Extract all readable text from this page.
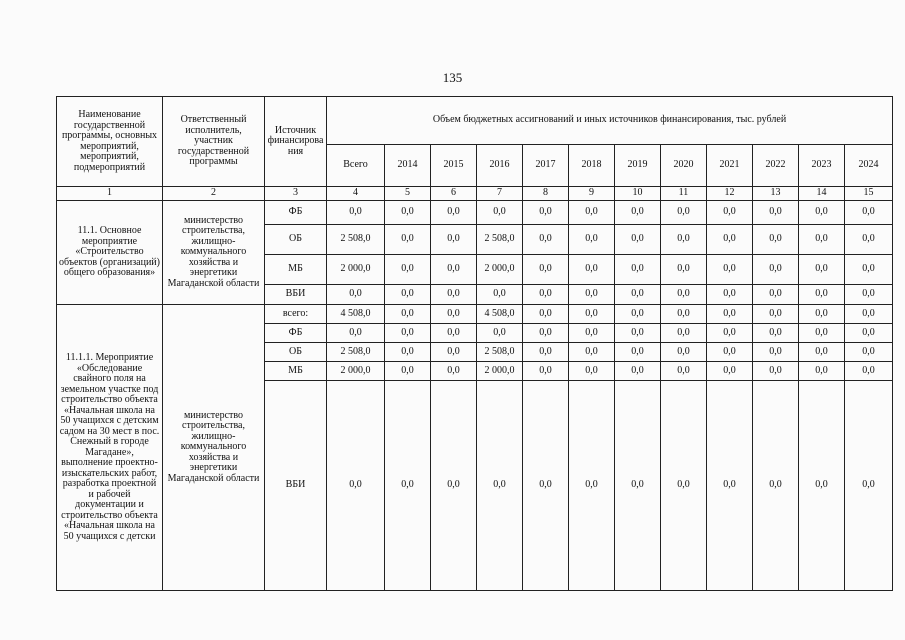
135
Наименование государственной программы, основных мероприятий, мероприятий, подмероприятий	Ответственный исполнитель, участник государственной программы	Источник финансирова ния	Объем бюджетных ассигнований и иных источников финансирования, тыс. рублей											
			Всего	2014	2015	2016	2017	2018	2019	2020	2021	2022	2023	2024
1	2	3	4	5	6	7	8	9	10	11	12	13	14	15
11.1. Основное мероприятие «Строительство объектов (организаций) общего образования»	министерство строительства, жилищно-коммунального хозяйства и энергетики Магаданской области	ФБ	0,0	0,0	0,0	0,0	0,0	0,0	0,0	0,0	0,0	0,0	0,0	0,0
		ОБ	2 508,0	0,0	0,0	2 508,0	0,0	0,0	0,0	0,0	0,0	0,0	0,0	0,0
		МБ	2 000,0	0,0	0,0	2 000,0	0,0	0,0	0,0	0,0	0,0	0,0	0,0	0,0
		ВБИ	0,0	0,0	0,0	0,0	0,0	0,0	0,0	0,0	0,0	0,0	0,0	0,0
11.1.1. Мероприятие «Обследование свайного поля на земельном участке под строительство объекта «Начальная школа на 50 учащихся с детским садом на 30 мест в пос. Снежный в городе Магадане», выполнение проектно-изыскательских работ, разработка проектной и рабочей документации и строительство объекта «Начальная школа на 50 учащихся с детски	министерство строительства, жилищно-коммунального хозяйства и энергетики Магаданской области	всего:	4 508,0	0,0	0,0	4 508,0	0,0	0,0	0,0	0,0	0,0	0,0	0,0	0,0
		ФБ	0,0	0,0	0,0	0,0	0,0	0,0	0,0	0,0	0,0	0,0	0,0	0,0
		ОБ	2 508,0	0,0	0,0	2 508,0	0,0	0,0	0,0	0,0	0,0	0,0	0,0	0,0
		МБ	2 000,0	0,0	0,0	2 000,0	0,0	0,0	0,0	0,0	0,0	0,0	0,0	0,0
		ВБИ	0,0	0,0	0,0	0,0	0,0	0,0	0,0	0,0	0,0	0,0	0,0	0,0
